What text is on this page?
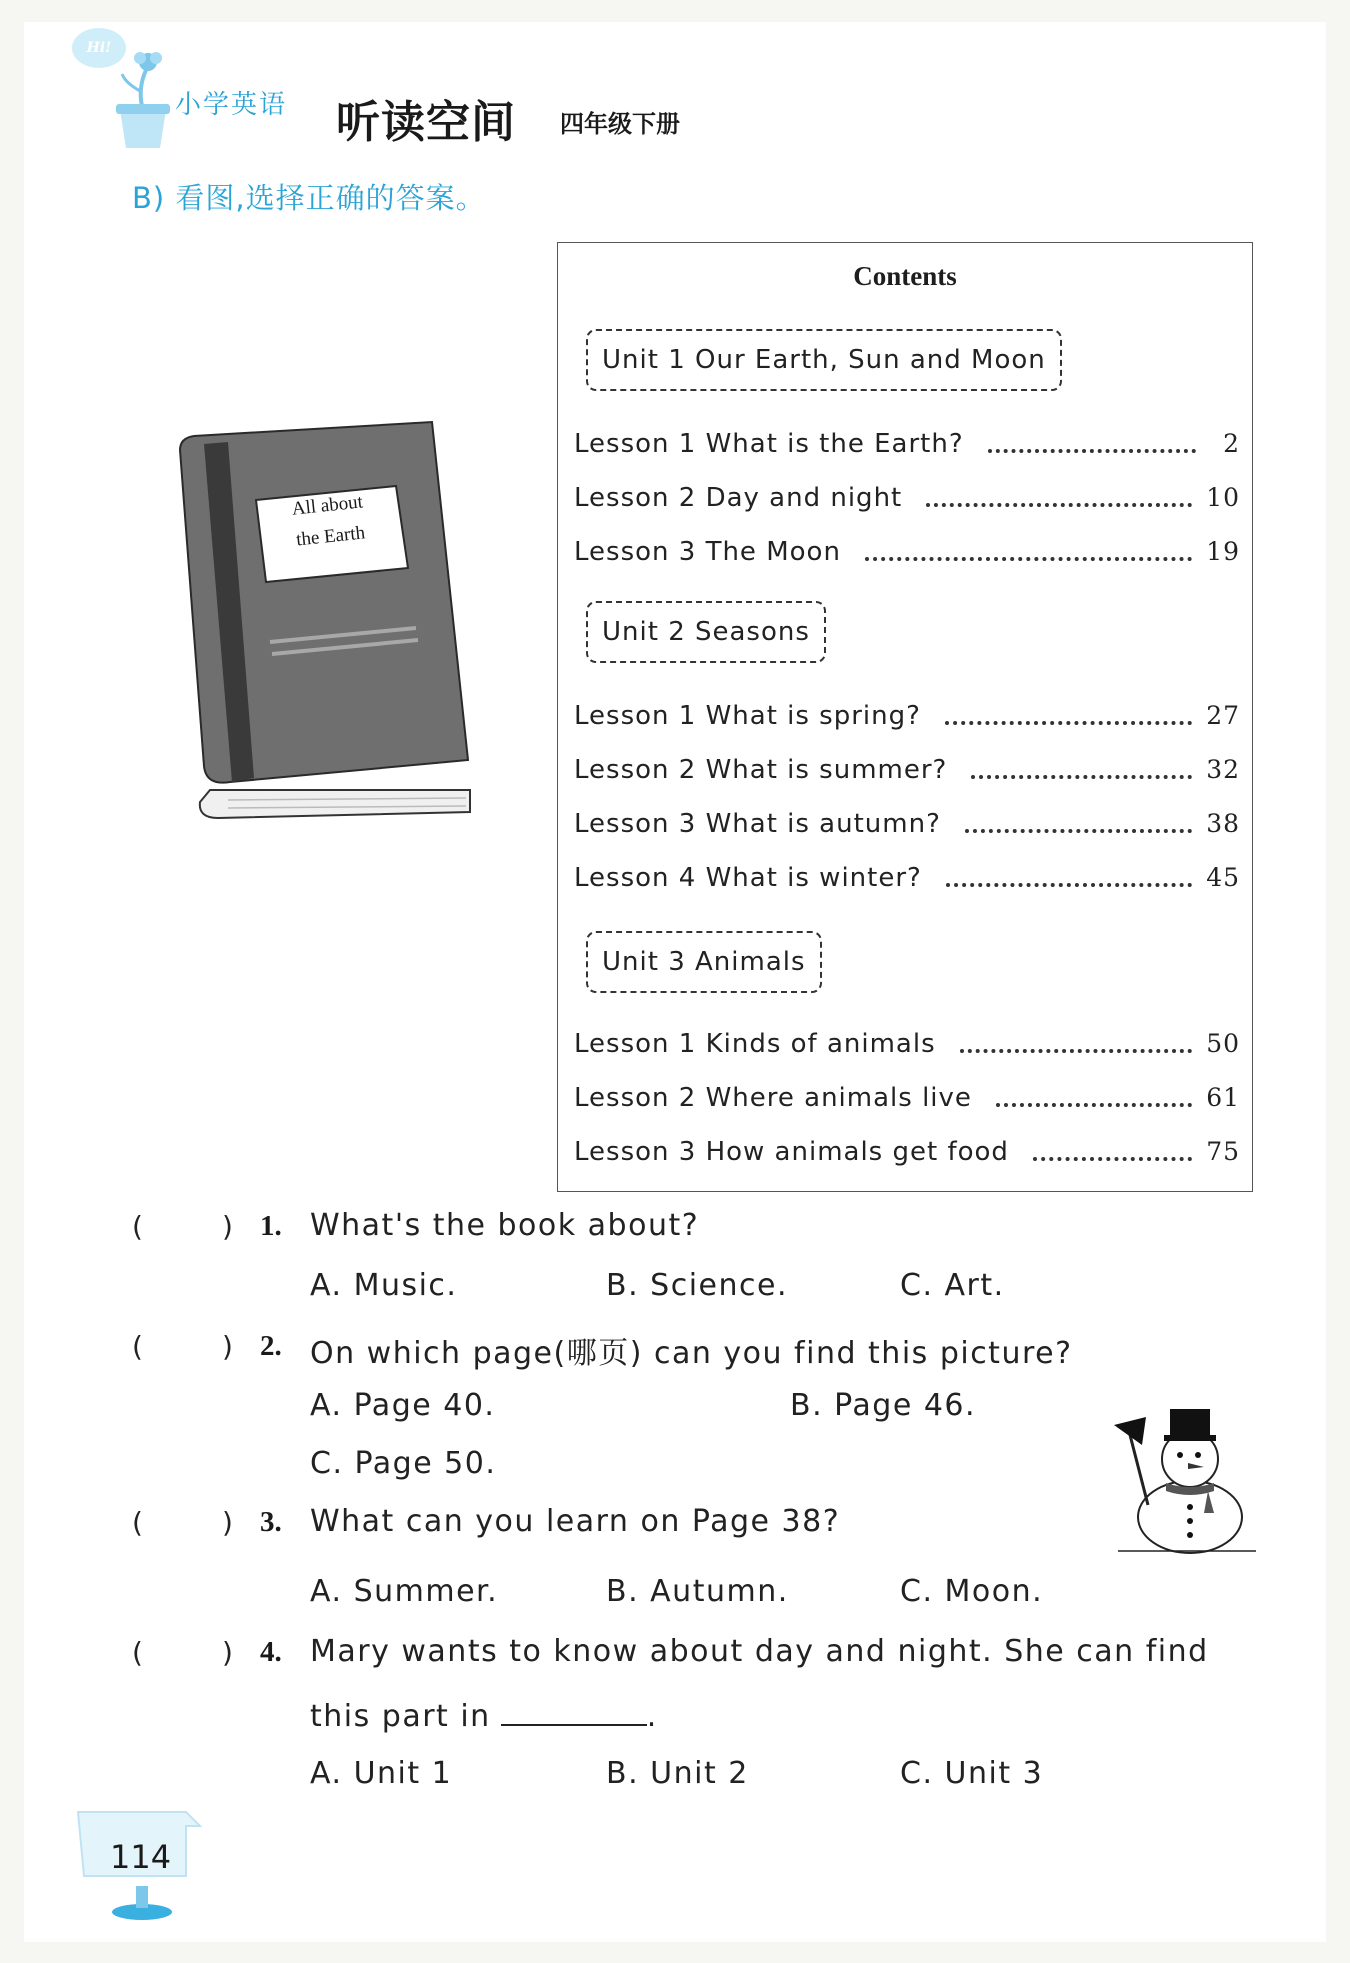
Hi!
小学英语 听读空间 四年级下册
B) 看图,选择正确的答案。
All about
the Earth
Contents
Unit 1 Our Earth, Sun and Moon
Lesson 1 What is the Earth?	2
Lesson 2 Day and night	10
Lesson 3 The Moon	19
Unit 2 Seasons
Lesson 1 What is spring?	27
Lesson 2 What is summer?	32
Lesson 3 What is autumn?	38
Lesson 4 What is winter?	45
Unit 3 Animals
Lesson 1 Kinds of animals	50
Lesson 2 Where animals live	61
Lesson 3 How animals get food	75
(	) 1. What's the book about?
A. Music.	B. Science.	C. Art.
(	) 2. On which page(哪页) can you find this picture?
A. Page 40.	B. Page 46.
C. Page 50.
(	) 3. What can you learn on Page 38?
A. Summer.	B. Autumn.	C. Moon.
(	) 4. Mary wants to know about day and night. She can find
this part in	.
A. Unit 1	B. Unit 2	C. Unit 3
114
